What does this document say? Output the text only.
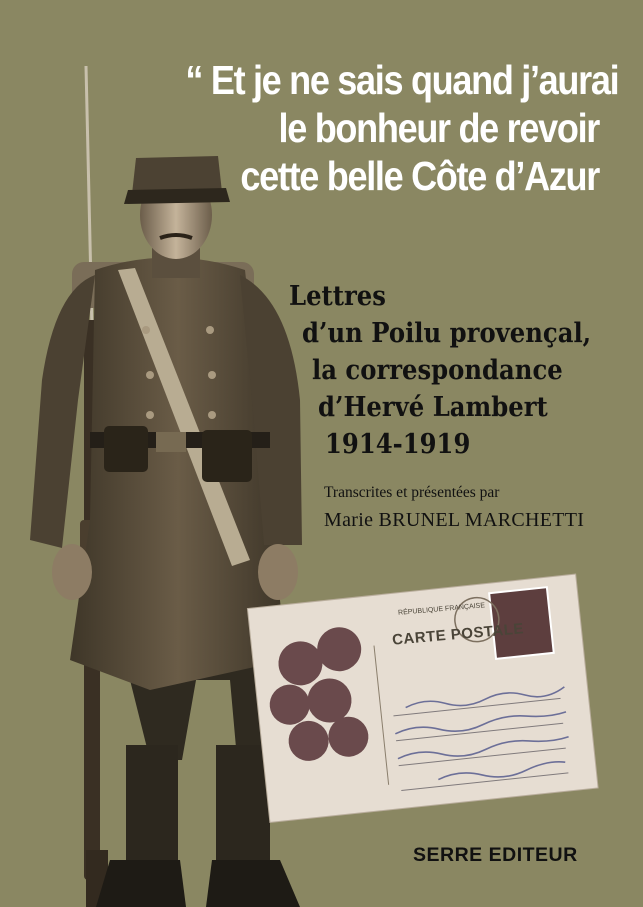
RÉPUBLIQUE FRANÇAISE
CARTE POSTALE
“ Et je ne sais quand j’aurai
le bonheur de revoir
cette belle Côte d’Azur
Lettres
d’un Poilu provençal,
la correspondance
d’Hervé Lambert
1914-1919
Transcrites et présentées par
Marie BRUNEL MARCHETTI
SERRE EDITEUR
